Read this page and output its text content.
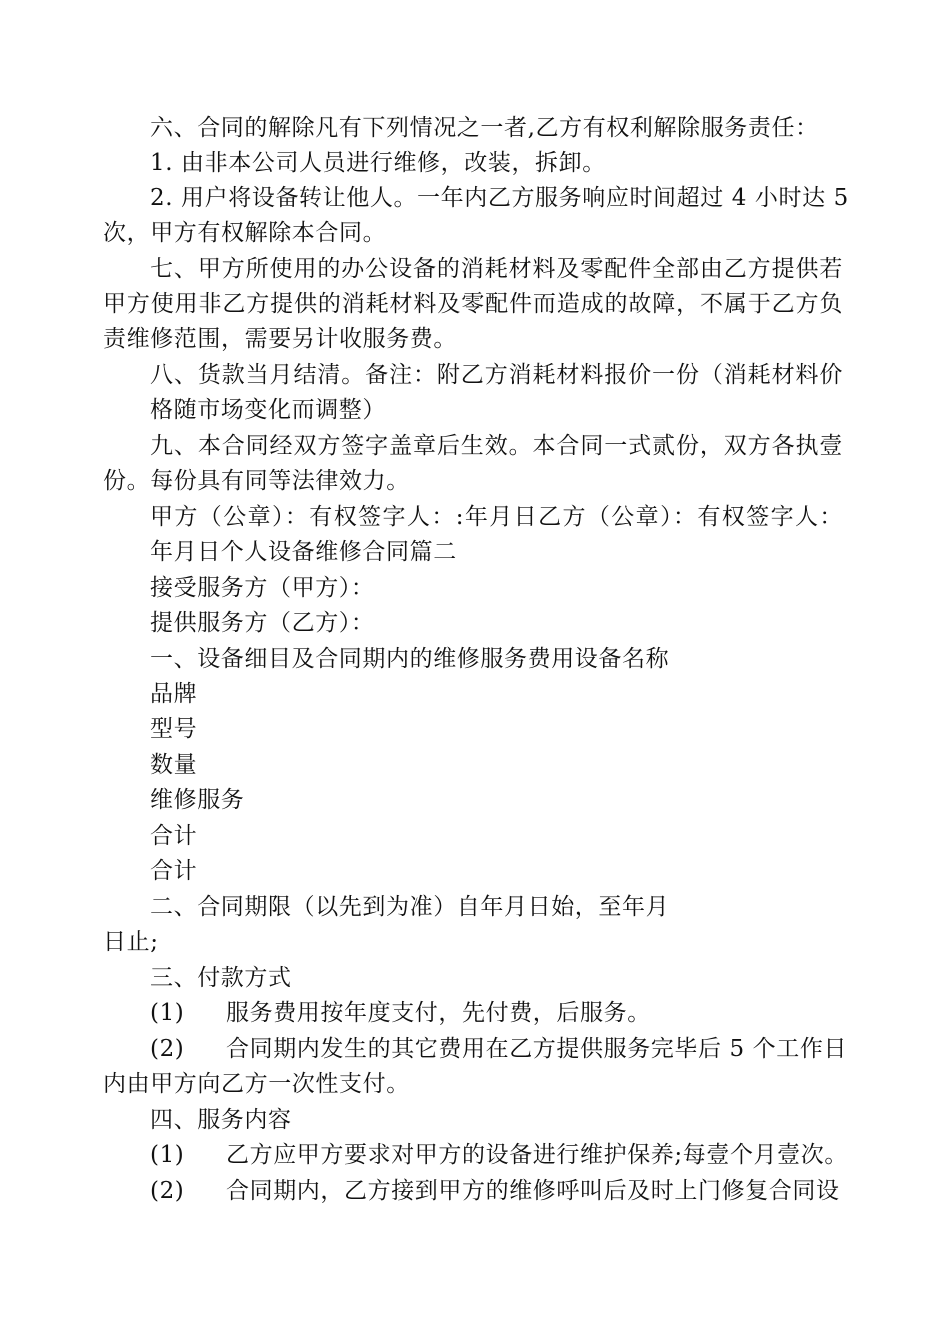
六、合同的解除凡有下列情况之一者,乙方有权利解除服务责任：
1. 由非本公司人员进行维修，改装，拆卸。
2. 用户将设备转让他人。一年内乙方服务响应时间超过 4 小时达 5
次，甲方有权解除本合同。
七、甲方所使用的办公设备的消耗材料及零配件全部由乙方提供若
甲方使用非乙方提供的消耗材料及零配件而造成的故障，不属于乙方负
责维修范围，需要另计收服务费。
八、货款当月结清。备注：附乙方消耗材料报价一份（消耗材料价
格随市场变化而调整）
九、本合同经双方签字盖章后生效。本合同一式贰份，双方各执壹
份。每份具有同等法律效力。
甲方（公章）：有权签字人：:年月日乙方（公章）：有权签字人：
年月日个人设备维修合同篇二
接受服务方（甲方）：
提供服务方（乙方）：
一、设备细目及合同期内的维修服务费用设备名称
品牌
型号
数量
维修服务
合计
合计
二、合同期限（以先到为准）自年月日始，至年月
日止;
三、付款方式
(1) 服务费用按年度支付，先付费，后服务。
(2) 合同期内发生的其它费用在乙方提供服务完毕后 5 个工作日
内由甲方向乙方一次性支付。
四、服务内容
(1) 乙方应甲方要求对甲方的设备进行维护保养;每壹个月壹次。
(2) 合同期内，乙方接到甲方的维修呼叫后及时上门修复合同设
